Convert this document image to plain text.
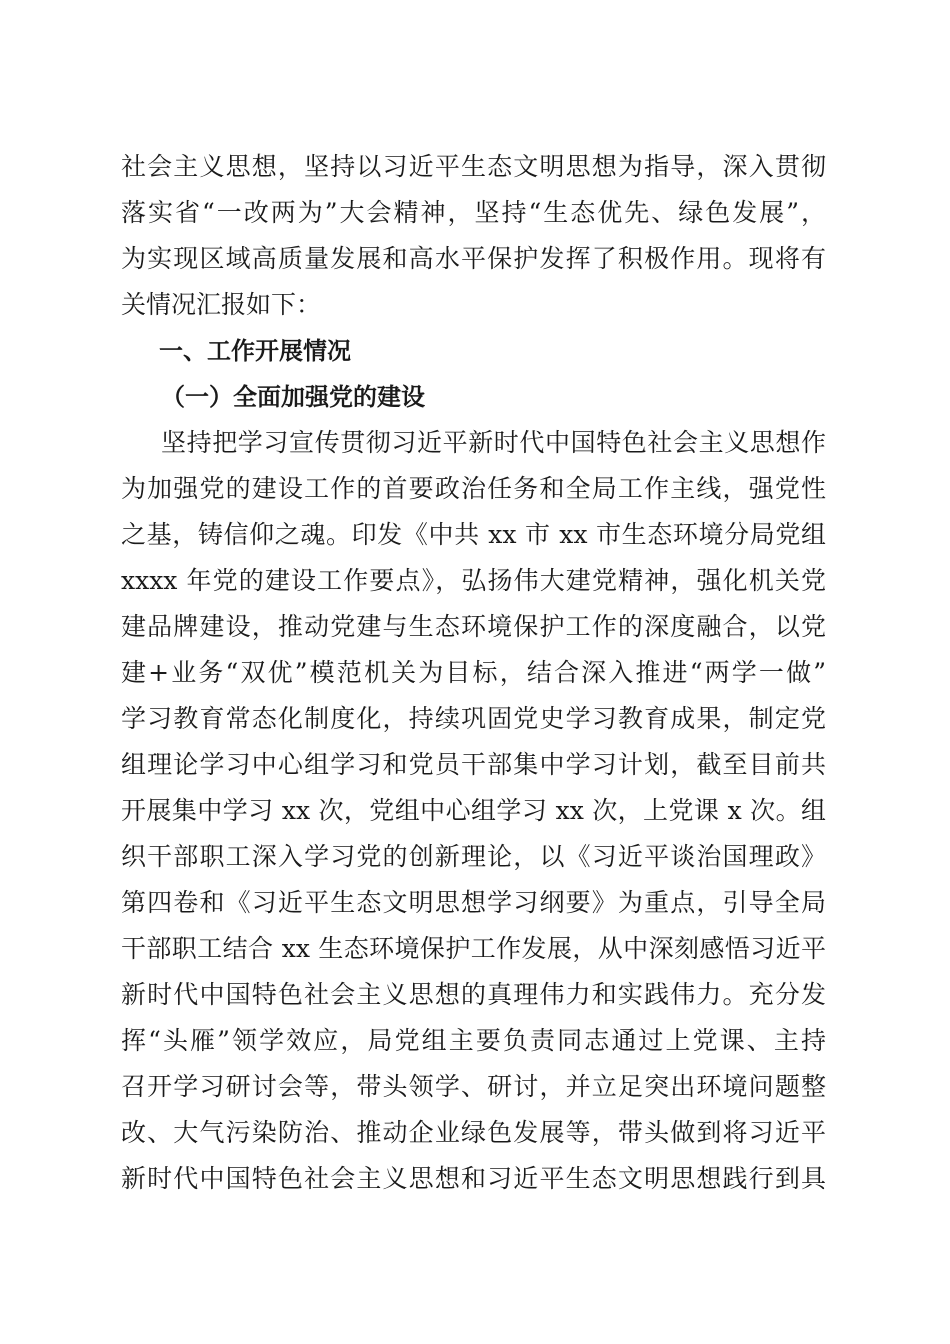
社会主义思想，坚持以习近平生态文明思想为指导，深入贯彻
落实省“一改两为”大会精神，坚持“生态优先、绿色发展”，
为实现区域高质量发展和高水平保护发挥了积极作用。现将有
关情况汇报如下：
一、工作开展情况
（一）全面加强党的建设
坚持把学习宣传贯彻习近平新时代中国特色社会主义思想作
为加强党的建设工作的首要政治任务和全局工作主线，强党性
之基，铸信仰之魂。印发《中共 xx 市 xx 市生态环境分局党组
xxxx 年党的建设工作要点》，弘扬伟大建党精神，强化机关党
建品牌建设，推动党建与生态环境保护工作的深度融合，以党
建+业务“双优”模范机关为目标，结合深入推进“两学一做”
学习教育常态化制度化，持续巩固党史学习教育成果，制定党
组理论学习中心组学习和党员干部集中学习计划，截至目前共
开展集中学习 xx 次，党组中心组学习 xx 次，上党课 x 次。组
织干部职工深入学习党的创新理论，以《习近平谈治国理政》
第四卷和《习近平生态文明思想学习纲要》为重点，引导全局
干部职工结合 xx 生态环境保护工作发展，从中深刻感悟习近平
新时代中国特色社会主义思想的真理伟力和实践伟力。充分发
挥“头雁”领学效应，局党组主要负责同志通过上党课、主持
召开学习研讨会等，带头领学、研讨，并立足突出环境问题整
改、大气污染防治、推动企业绿色发展等，带头做到将习近平
新时代中国特色社会主义思想和习近平生态文明思想践行到具
